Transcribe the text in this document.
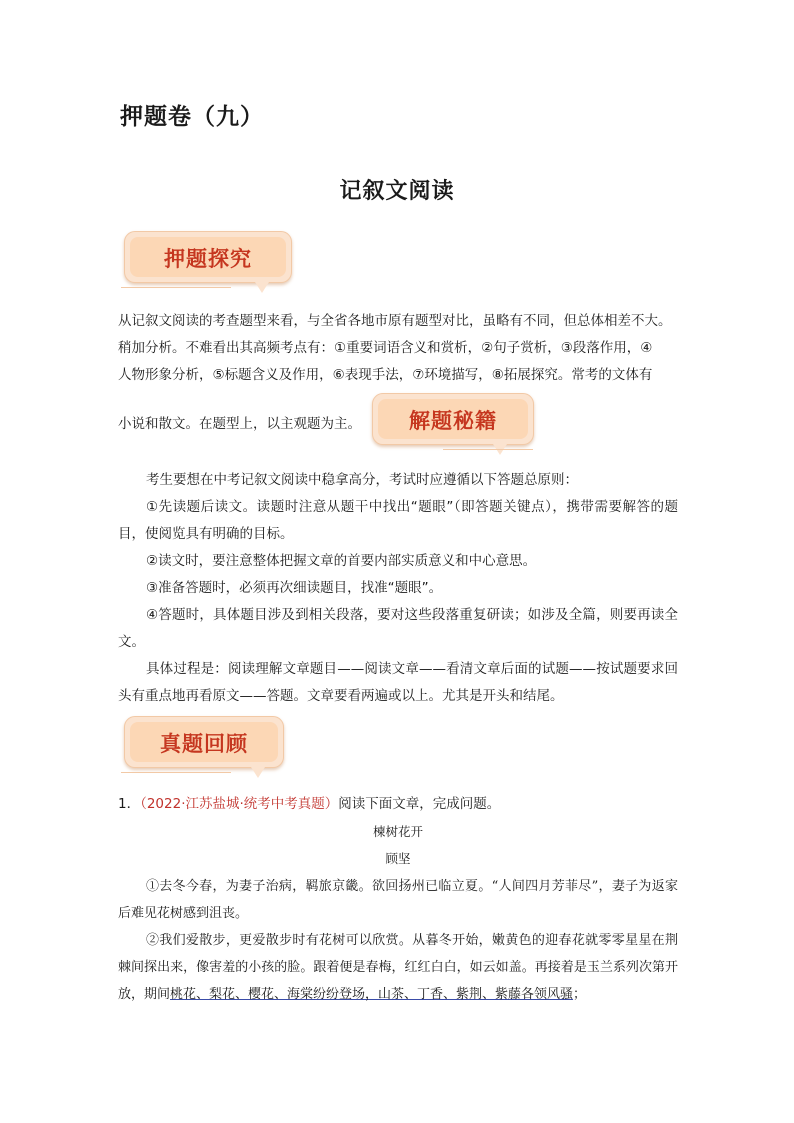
押题卷（九）
记叙文阅读
押题探究
从记叙文阅读的考查题型来看，与全省各地市原有题型对比，虽略有不同，但总体相差不大。
稍加分析。不难看出其高频考点有：①重要词语含义和赏析，②句子赏析，③段落作用，④
人物形象分析，⑤标题含义及作用，⑥表现手法，⑦环境描写，⑧拓展探究。常考的文体有
小说和散文。在题型上，以主观题为主。	解题秘籍
考生要想在中考记叙文阅读中稳拿高分，考试时应遵循以下答题总原则：
①先读题后读文。读题时注意从题干中找出“题眼”（即答题关键点），携带需要解答的题目，使阅览具有明确的目标。
②读文时，要注意整体把握文章的首要内部实质意义和中心意思。
③准备答题时，必须再次细读题目，找准“题眼”。
④答题时，具体题目涉及到相关段落，要对这些段落重复研读；如涉及全篇，则要再读全文。
具体过程是：阅读理解文章题目——阅读文章——看清文章后面的试题——按试题要求回头有重点地再看原文——答题。文章要看两遍或以上。尤其是开头和结尾。
真题回顾
1．（2022·江苏盐城·统考中考真题）阅读下面文章，完成问题。
楝树花开
顾坚
①去冬今春，为妻子治病，羁旅京畿。欲回扬州已临立夏。“人间四月芳菲尽”，妻子为返家后难见花树感到沮丧。
②我们爱散步，更爱散步时有花树可以欣赏。从暮冬开始，嫩黄色的迎春花就零零星星在荆棘间探出来，像害羞的小孩的脸。跟着便是春梅，红红白白，如云如盖。再接着是玉兰系列次第开放，期间桃花、梨花、樱花、海棠纷纷登场，山茶、丁香、紫荆、紫藤各领风骚；
